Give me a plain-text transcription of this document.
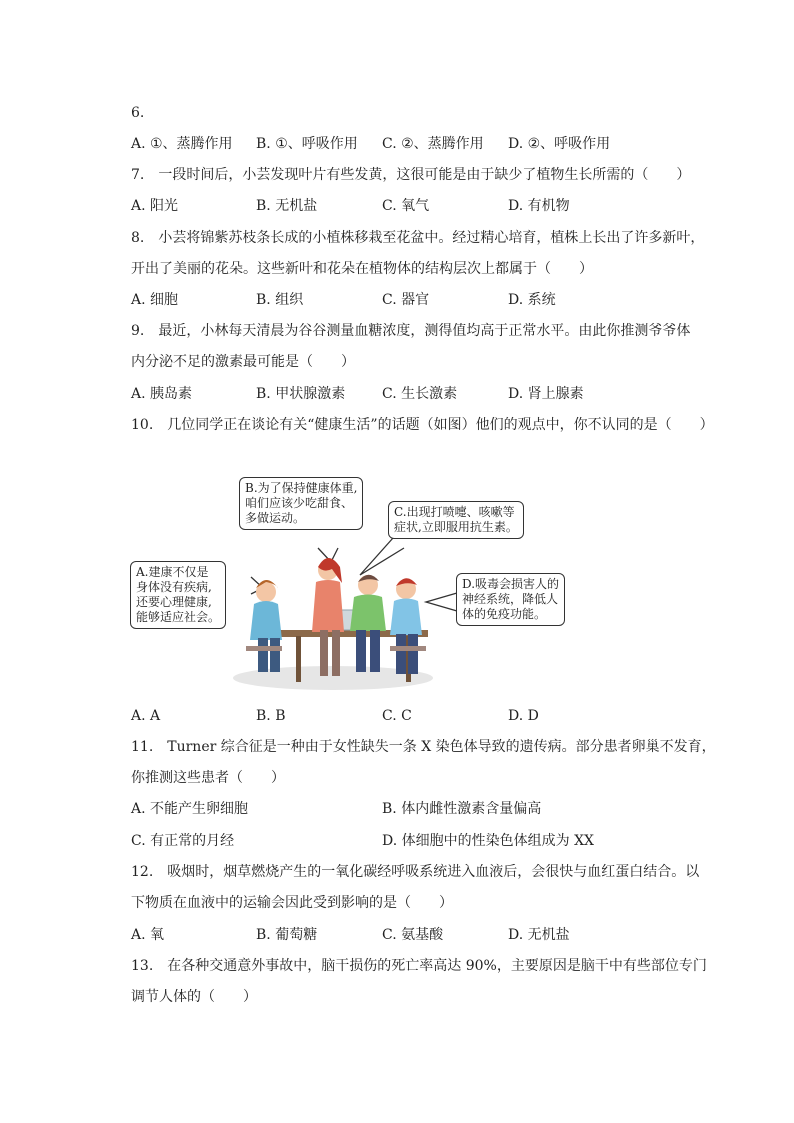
6.
A. ①、蒸腾作用 B. ①、呼吸作用 C. ②、蒸腾作用 D. ②、呼吸作用
7.　一段时间后，小芸发现叶片有些发黄，这很可能是由于缺少了植物生长所需的（　　）
A. 阳光	B. 无机盐	C. 氧气	D. 有机物
8.　小芸将锦紫苏枝条长成的小植株移栽至花盆中。经过精心培育，植株上长出了许多新叶，
开出了美丽的花朵。这些新叶和花朵在植物体的结构层次上都属于（　　）
A. 细胞	B. 组织	C. 器官	D. 系统
9.　最近，小林每天清晨为谷谷测量血糖浓度，测得值均高于正常水平。由此你推测爷爷体
内分泌不足的激素最可能是（　　）
A. 胰岛素	B. 甲状腺激素	C. 生长激素	D. 肾上腺素
10.　几位同学正在谈论有关“健康生活”的话题（如图）他们的观点中，你不认同的是（　　）
B.为了保持健康体重,
咱们应该少吃甜食、
多做运动。	C.出现打喷嚏、咳嗽等
症状,立即服用抗生素。
A.建康不仅是
身体没有疾病,
还要心理健康,
能够适应社会。
D.吸毒会损害人的
神经系统，降低人
体的免疫功能。
A. A	B. B	C. C	D. D
11.　Turner 综合征是一种由于女性缺失一条 X 染色体导致的遗传病。部分患者卵巢不发育，
你推测这些患者（　　）
A. 不能产生卵细胞	B. 体内雌性激素含量偏高
C. 有正常的月经	D. 体细胞中的性染色体组成为 XX
12.　吸烟时，烟草燃烧产生的一氧化碳经呼吸系统进入血液后，会很快与血红蛋白结合。以
下物质在血液中的运输会因此受到影响的是（　　）
A. 氧	B. 葡萄糖	C. 氨基酸	D. 无机盐
13.　在各种交通意外事故中，脑干损伤的死亡率高达 90%，主要原因是脑干中有些部位专门
调节人体的（　　）
